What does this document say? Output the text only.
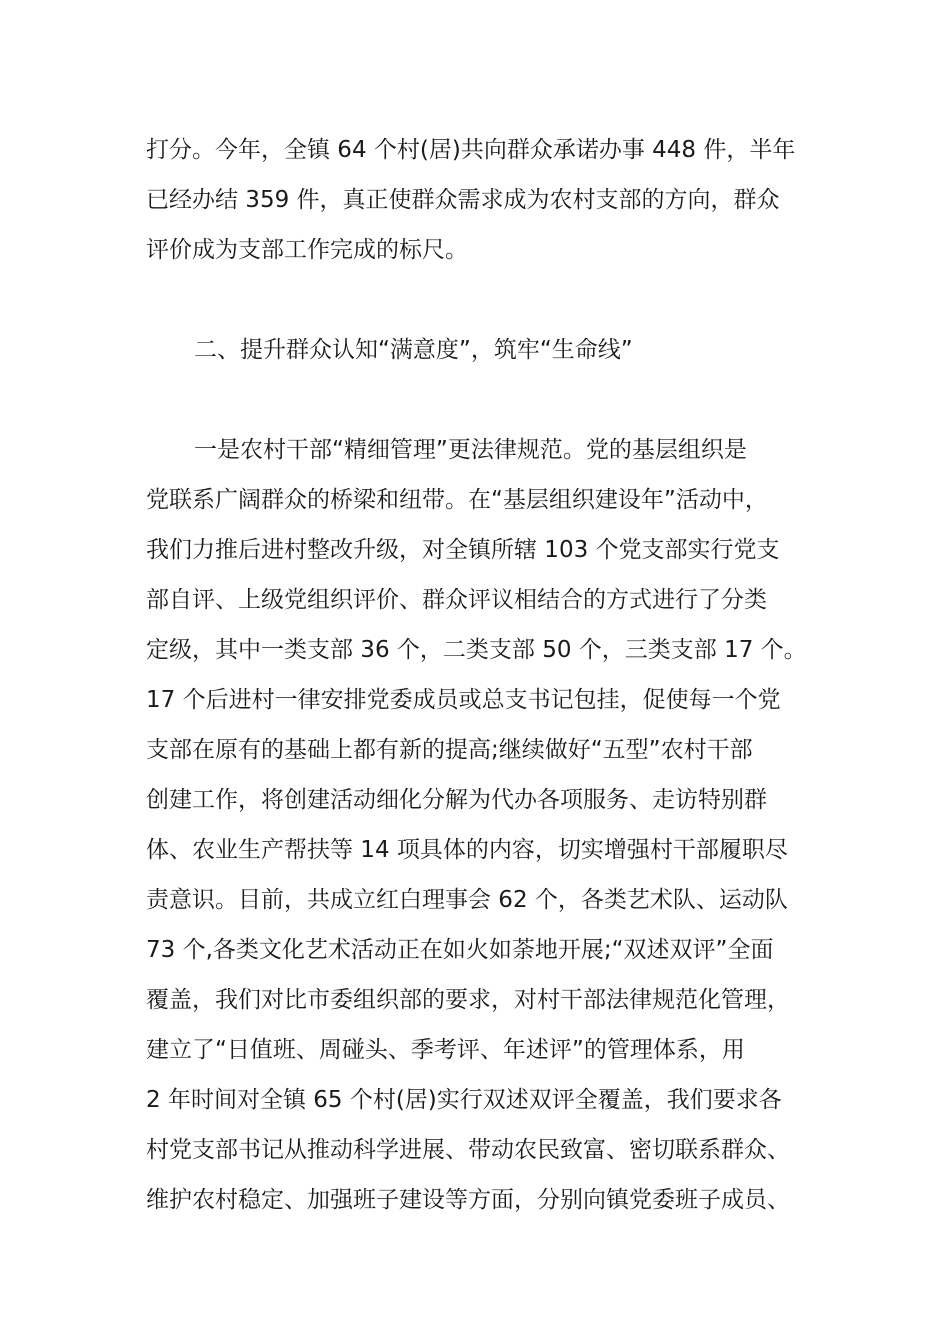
打分。今年，全镇 64 个村(居)共向群众承诺办事 448 件，半年
已经办结 359 件，真正使群众需求成为农村支部的方向，群众
评价成为支部工作完成的标尺。
二、提升群众认知“满意度”，筑牢“生命线”
一是农村干部“精细管理”更法律规范。党的基层组织是
党联系广阔群众的桥梁和纽带。在“基层组织建设年”活动中，
我们力推后进村整改升级，对全镇所辖 103 个党支部实行党支
部自评、上级党组织评价、群众评议相结合的方式进行了分类
定级，其中一类支部 36 个，二类支部 50 个，三类支部 17 个。
17 个后进村一律安排党委成员或总支书记包挂，促使每一个党
支部在原有的基础上都有新的提高;继续做好“五型”农村干部
创建工作，将创建活动细化分解为代办各项服务、走访特别群
体、农业生产帮扶等 14 项具体的内容，切实增强村干部履职尽
责意识。目前，共成立红白理事会 62 个，各类艺术队、运动队
73 个,各类文化艺术活动正在如火如荼地开展;“双述双评”全面
覆盖，我们对比市委组织部的要求，对村干部法律规范化管理，
建立了“日值班、周碰头、季考评、年述评”的管理体系，用
2 年时间对全镇 65 个村(居)实行双述双评全覆盖，我们要求各
村党支部书记从推动科学进展、带动农民致富、密切联系群众、
维护农村稳定、加强班子建设等方面，分别向镇党委班子成员、
